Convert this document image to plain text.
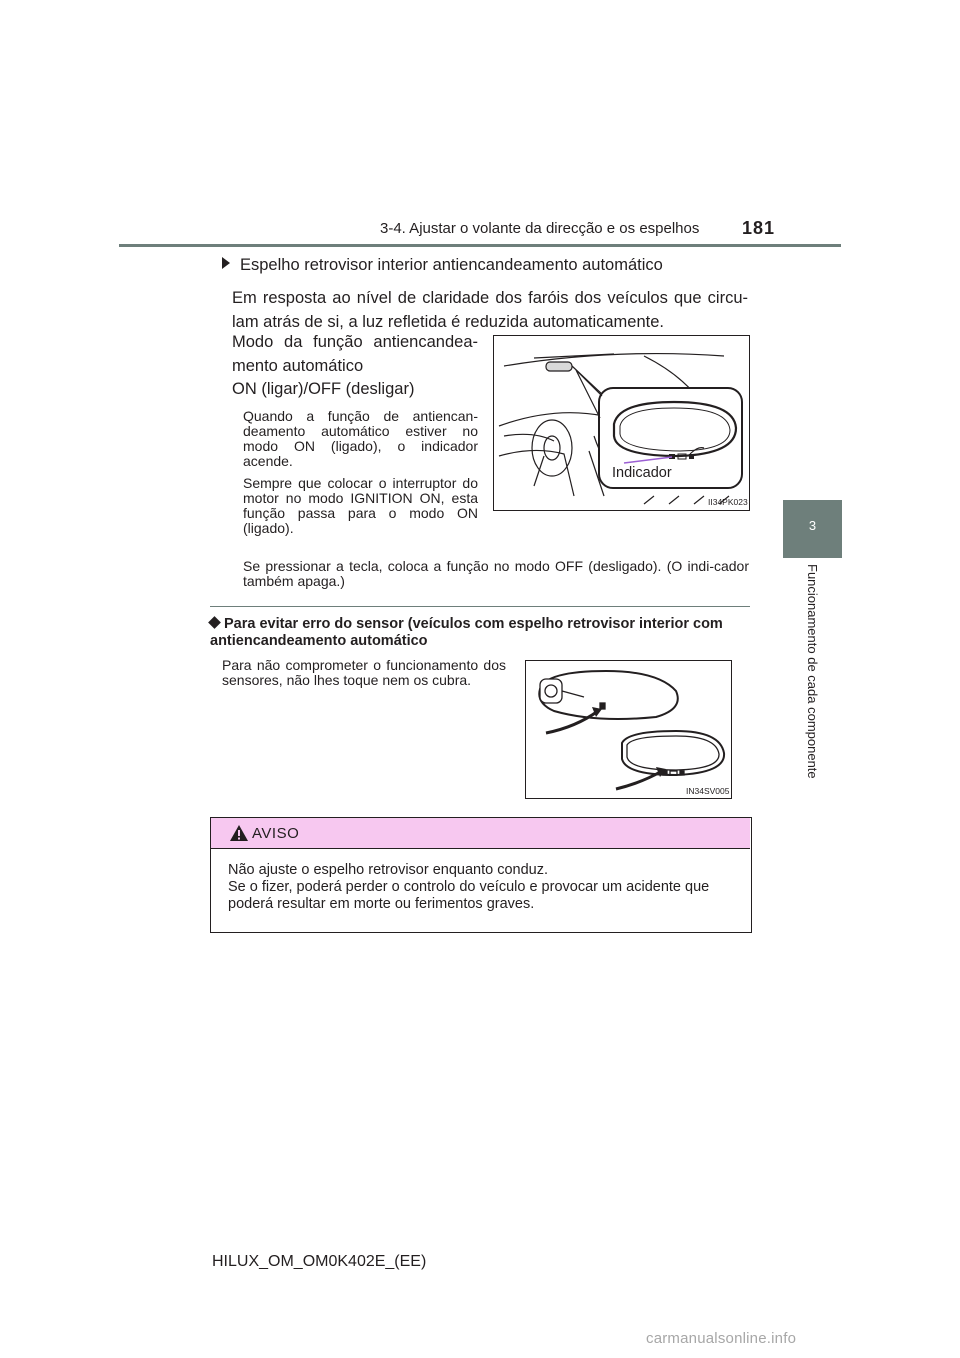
3-4. Ajustar o volante da direcção e os espelhos 181
3
Funcionamento de cada componente
Espelho retrovisor interior antiencandeamento automático
Em resposta ao nível de claridade dos faróis dos veículos que circu-lam atrás de si, a luz refletida é reduzida automaticamente.
Modo da função antiencandea-mento automático
ON (ligar)/OFF (desligar)
Quando a função de antiencan-deamento automático estiver no modo ON (ligado), o indicador acende.
Sempre que colocar o interruptor do motor no modo IGNITION ON, esta função passa para o modo ON (ligado).
Se pressionar a tecla, coloca a função no modo OFF (desligado). (O indi-cador também apaga.)
Indicador
II34PK023
Para evitar erro do sensor (veículos com espelho retrovisor interior com antiencandeamento automático
Para não comprometer o funcionamento dos sensores, não lhes toque nem os cubra.
IN34SV005
AVISO
Não ajuste o espelho retrovisor enquanto conduz.
Se o fizer, poderá perder o controlo do veículo e provocar um acidente que poderá resultar em morte ou ferimentos graves.
HILUX_OM_OM0K402E_(EE)
carmanualsonline.info
